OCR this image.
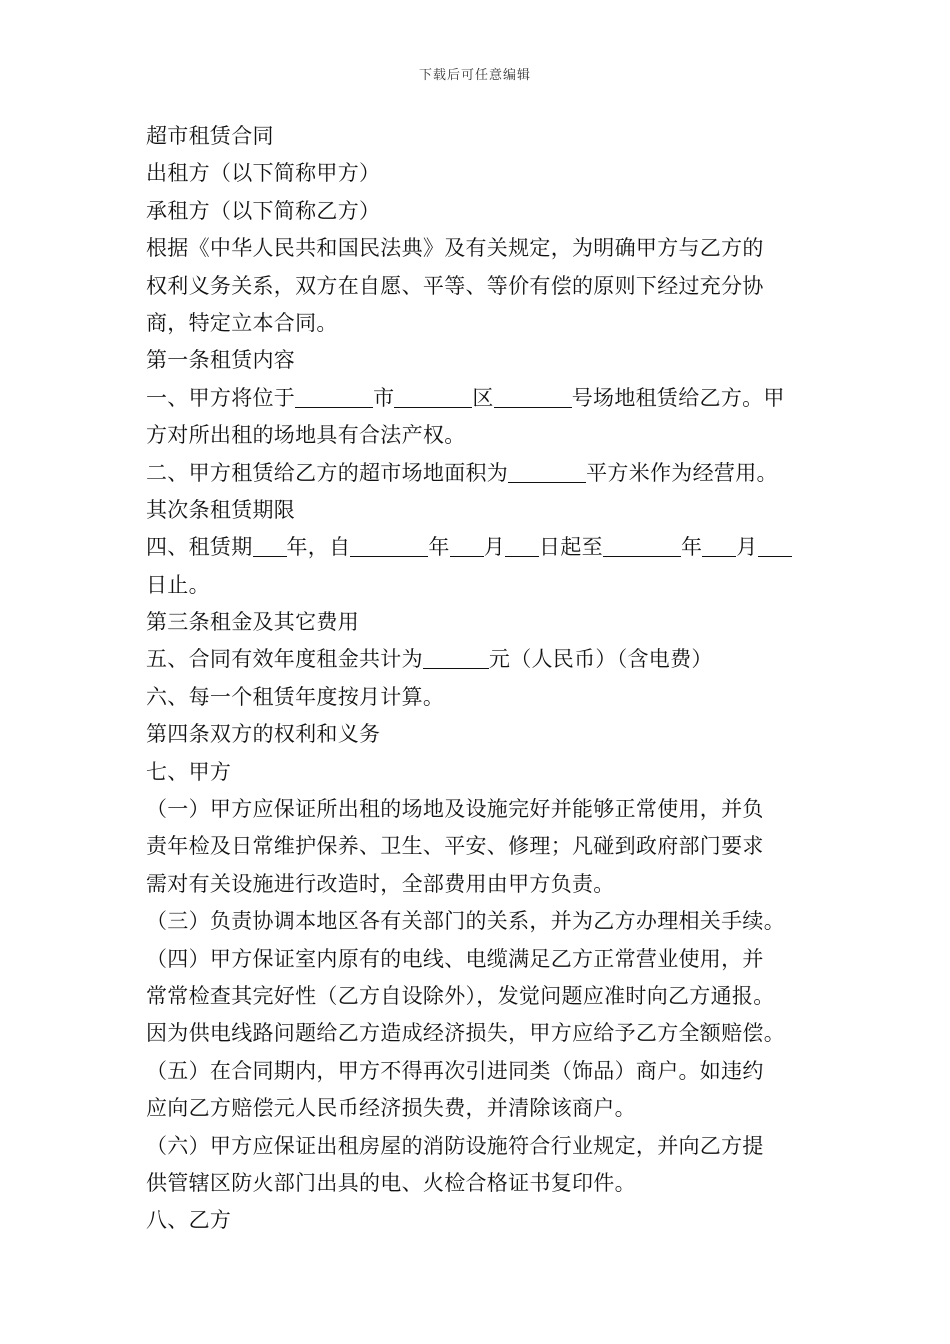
下载后可任意编辑
超市租赁合同
出租方（以下简称甲方）
承租方（以下简称乙方）
根据《中华人民共和国民法典》及有关规定，为明确甲方与乙方的
权利义务关系，双方在自愿、平等、等价有偿的原则下经过充分协
商，特定立本合同。
第一条租赁内容
一、甲方将位于	市	区	号场地租赁给乙方。甲
方对所出租的场地具有合法产权。
二、甲方租赁给乙方的超市场地面积为	平方米作为经营用。
其次条租赁期限
四、租赁期 年，自	年 月 日起至	年 月
日止。
第三条租金及其它费用
五、合同有效年度租金共计为	元（人民币）（含电费）
六、每一个租赁年度按月计算。
第四条双方的权利和义务
七、甲方
（一）甲方应保证所出租的场地及设施完好并能够正常使用，并负
责年检及日常维护保养、卫生、平安、修理；凡碰到政府部门要求
需对有关设施进行改造时，全部费用由甲方负责。
（三）负责协调本地区各有关部门的关系，并为乙方办理相关手续。
（四）甲方保证室内原有的电线、电缆满足乙方正常营业使用，并
常常检查其完好性（乙方自设除外），发觉问题应准时向乙方通报。
因为供电线路问题给乙方造成经济损失，甲方应给予乙方全额赔偿。
（五）在合同期内，甲方不得再次引进同类（饰品）商户。如违约
应向乙方赔偿元人民币经济损失费，并清除该商户。
（六）甲方应保证出租房屋的消防设施符合行业规定，并向乙方提
供管辖区防火部门出具的电、火检合格证书复印件。
八、乙方
